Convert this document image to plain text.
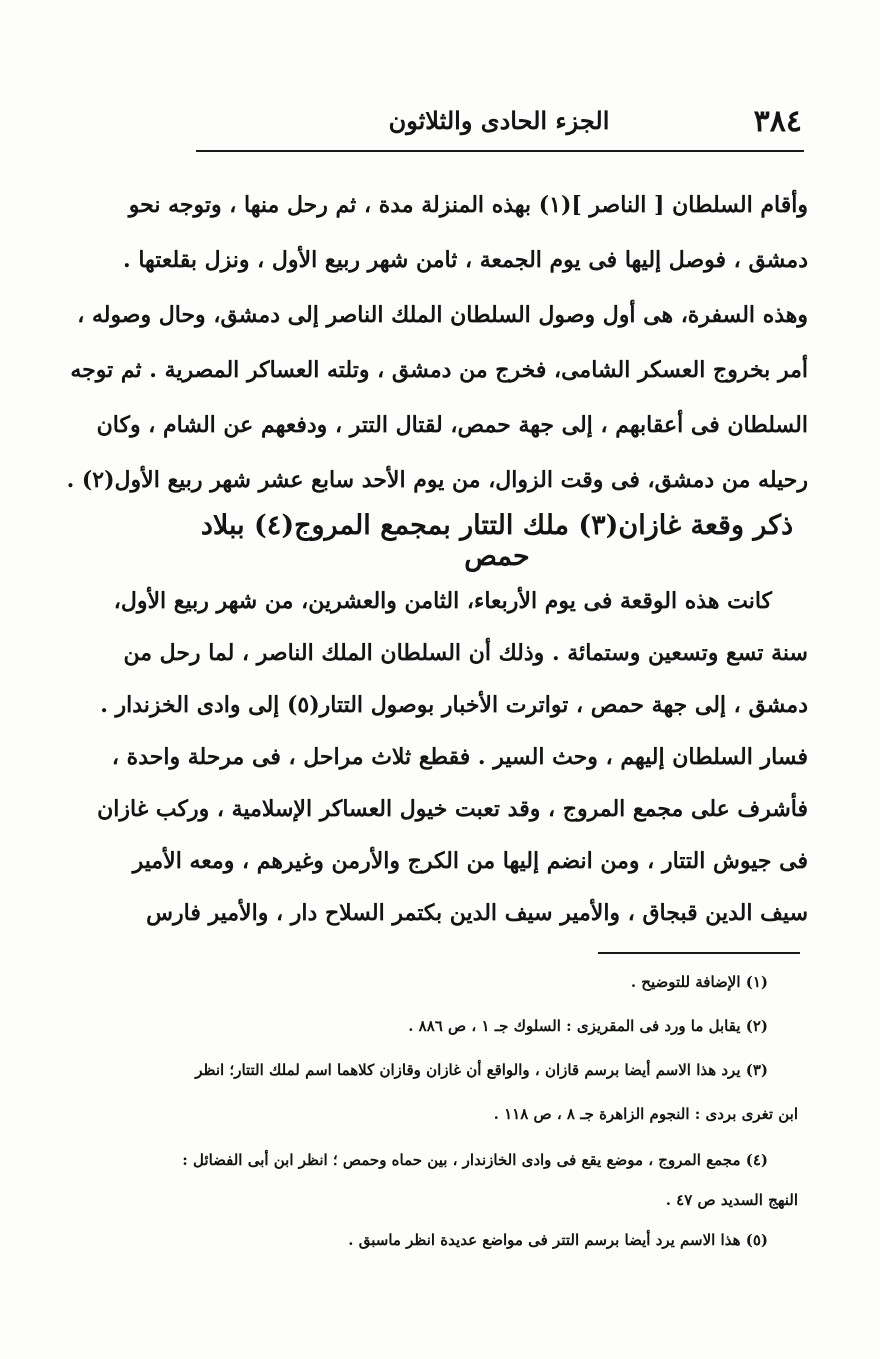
٣٨٤
الجزء الحادى والثلاثون
وأقام السلطان [ الناصر ](١) بهذه المنزلة مدة ، ثم رحل منها ، وتوجه نحو
دمشق ، فوصل إليها فى يوم الجمعة ، ثامن شهر ربيع الأول ، ونزل بقلعتها .
وهذه السفرة، هى أول وصول السلطان الملك الناصر إلى دمشق، وحال وصوله ،
أمر بخروج العسكر الشامى، فخرج من دمشق ، وتلته العساكر المصرية . ثم توجه
السلطان فى أعقابهم ، إلى جهة حمص، لقتال التتر ، ودفعهم عن الشام ، وكان
رحيله من دمشق، فى وقت الزوال، من يوم الأحد سابع عشر شهر ربيع الأول(٢) .
ذكر وقعة غازان(٣) ملك التتار بمجمع المروج(٤) ببلاد حمص
كانت هذه الوقعة فى يوم الأربعاء، الثامن والعشرين، من شهر ربيع الأول،
سنة تسع وتسعين وستمائة . وذلك أن السلطان الملك الناصر ، لما رحل من
دمشق ، إلى جهة حمص ، تواترت الأخبار بوصول التتار(٥) إلى وادى الخزندار .
فسار السلطان إليهم ، وحث السير . فقطع ثلاث مراحل ، فى مرحلة واحدة ،
فأشرف على مجمع المروج ، وقد تعبت خيول العساكر الإسلامية ، وركب غازان
فى جيوش التتار ، ومن انضم إليها من الكرج والأرمن وغيرهم ، ومعه الأمير
سيف الدين قبجاق ، والأمير سيف الدين بكتمر السلاح دار ، والأمير فارس
(١) الإضافة للتوضيح .
(٢) يقابل ما ورد فى المقريزى : السلوك جـ ١ ، ص ٨٨٦ .
(٣) يرد هذا الاسم أيضا برسم قازان ، والواقع أن غازان وقازان كلاهما اسم لملك التتار؛ انظر
ابن تغرى بردى : النجوم الزاهرة جـ ٨ ، ص ١١٨ .
(٤) مجمع المروج ، موضع يقع فى وادى الخازندار ، بين حماه وحمص ؛ انظر ابن أبى الفضائل :
النهج السديد ص ٤٧ .
(٥) هذا الاسم يرد أيضا برسم التتر فى مواضع عديدة انظر ماسبق .
